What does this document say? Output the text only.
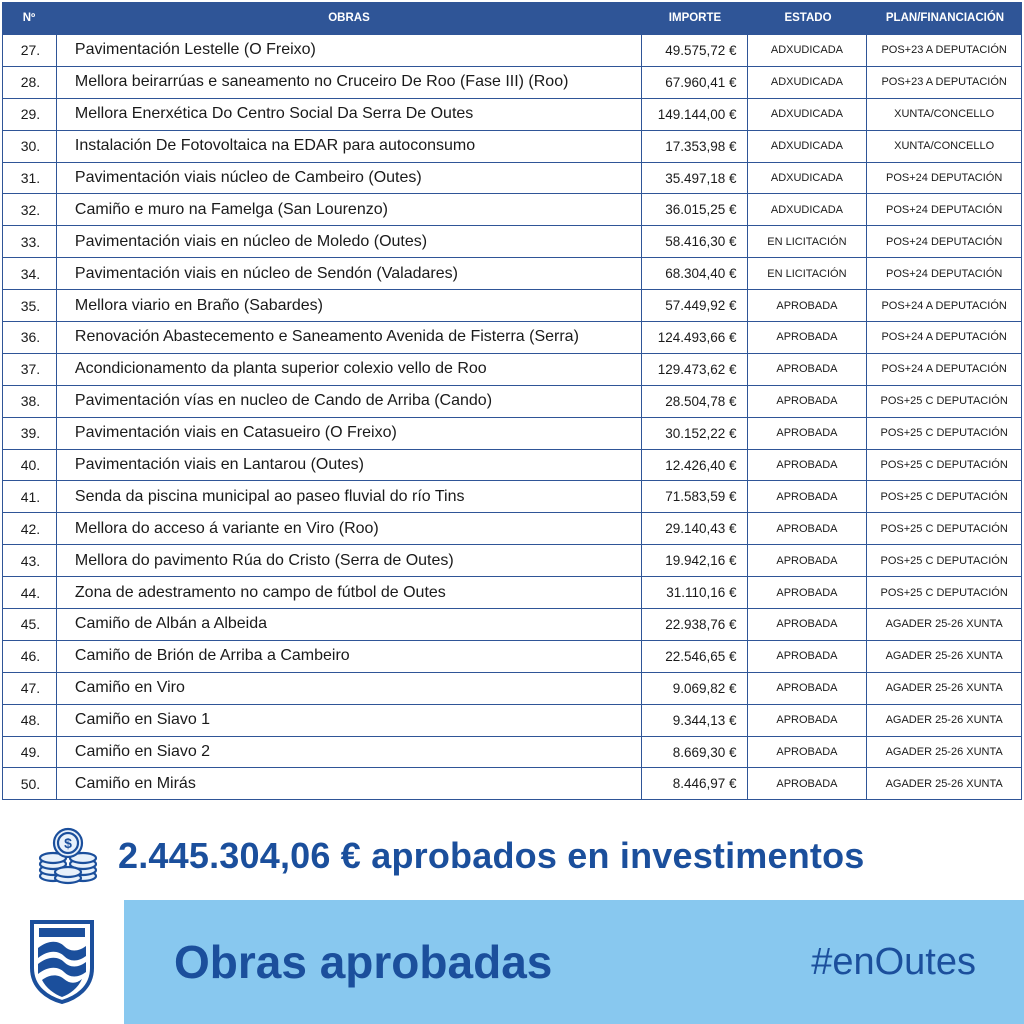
Nº	OBRAS	IMPORTE	ESTADO	PLAN/FINANCIACIÓN
27.	Pavimentación Lestelle (O Freixo)	49.575,72 €	ADXUDICADA	POS+23 A DEPUTACIÓN
28.	Mellora beirarrúas e saneamento no Cruceiro De Roo (Fase III) (Roo)	67.960,41 €	ADXUDICADA	POS+23 A DEPUTACIÓN
29.	Mellora Enerxética Do Centro Social Da Serra De Outes	149.144,00 €	ADXUDICADA	XUNTA/CONCELLO
30.	Instalación De Fotovoltaica na EDAR para autoconsumo	17.353,98 €	ADXUDICADA	XUNTA/CONCELLO
31.	Pavimentación viais núcleo de Cambeiro (Outes)	35.497,18 €	ADXUDICADA	POS+24 DEPUTACIÓN
32.	Camiño e muro na Famelga (San Lourenzo)	36.015,25 €	ADXUDICADA	POS+24 DEPUTACIÓN
33.	Pavimentación viais en núcleo de Moledo (Outes)	58.416,30 €	EN LICITACIÓN	POS+24 DEPUTACIÓN
34.	Pavimentación viais en núcleo de Sendón (Valadares)	68.304,40 €	EN LICITACIÓN	POS+24 DEPUTACIÓN
35.	Mellora viario en Braño (Sabardes)	57.449,92 €	APROBADA	POS+24 A DEPUTACIÓN
36.	Renovación Abastecemento e Saneamento Avenida de Fisterra (Serra)	124.493,66 €	APROBADA	POS+24 A DEPUTACIÓN
37.	Acondicionamento da planta superior colexio vello de Roo	129.473,62 €	APROBADA	POS+24 A DEPUTACIÓN
38.	Pavimentación vías en nucleo de Cando de Arriba (Cando)	28.504,78 €	APROBADA	POS+25 C DEPUTACIÓN
39.	Pavimentación viais en Catasueiro (O Freixo)	30.152,22 €	APROBADA	POS+25 C DEPUTACIÓN
40.	Pavimentación viais en Lantarou (Outes)	12.426,40 €	APROBADA	POS+25 C DEPUTACIÓN
41.	Senda da piscina municipal ao paseo fluvial do río Tins	71.583,59 €	APROBADA	POS+25 C DEPUTACIÓN
42.	Mellora do acceso á variante en Viro (Roo)	29.140,43 €	APROBADA	POS+25 C DEPUTACIÓN
43.	Mellora do pavimento Rúa do Cristo (Serra de Outes)	19.942,16 €	APROBADA	POS+25 C DEPUTACIÓN
44.	Zona de adestramento no campo de fútbol de Outes	31.110,16 €	APROBADA	POS+25 C DEPUTACIÓN
45.	Camiño de Albán a Albeida	22.938,76 €	APROBADA	AGADER 25-26 XUNTA
46.	Camiño de Brión de Arriba a Cambeiro	22.546,65 €	APROBADA	AGADER 25-26 XUNTA
47.	Camiño en Viro	9.069,82 €	APROBADA	AGADER 25-26 XUNTA
48.	Camiño en Siavo 1	9.344,13 €	APROBADA	AGADER 25-26 XUNTA
49.	Camiño en Siavo 2	8.669,30 €	APROBADA	AGADER 25-26 XUNTA
50.	Camiño en Mirás	8.446,97 €	APROBADA	AGADER 25-26 XUNTA
$ 2.445.304,06 € aprobados en investimentos
Obras aprobadas	#enOutes
